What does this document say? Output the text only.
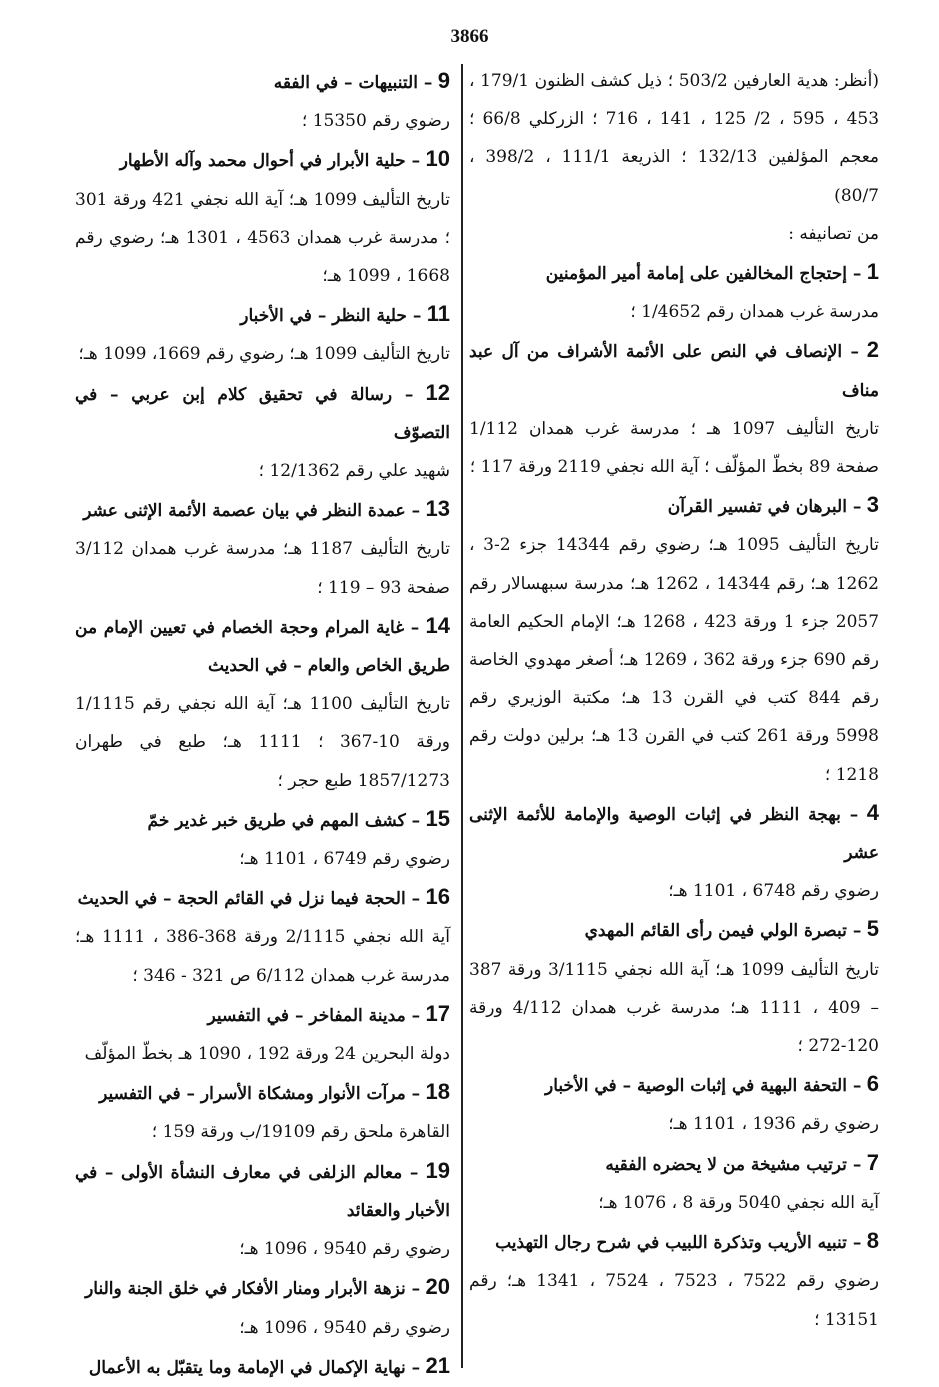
3866

(أنظر: هدية العارفين 503/2 ؛ ذيل كشف الظنون 179/1 ، 453 ، 595 ، 2/ 125 ، 141 ، 716 ؛ الزركلي 66/8 ؛ معجم المؤلفين 132/13 ؛ الذريعة 111/1 ، 398/2 ، 80/7)

من تصانيفه :

1 – إحتجاج المخالفين على إمامة أمير المؤمنين

مدرسة غرب همدان رقم 1/4652 ؛

2 – الإنصاف في النص على الأئمة الأشراف من آل عبد مناف

تاريخ التأليف 1097 هـ ؛ مدرسة غرب همدان 1/112 صفحة 89 بخطّ المؤلّف ؛ آية الله نجفي 2119 ورقة 117 ؛

3 – البرهان في تفسير القرآن

تاريخ التأليف 1095 هـ؛ رضوي رقم 14344 جزء 2-3 ، 1262 هـ؛ رقم 14344 ، 1262 هـ؛ مدرسة سبهسالار رقم 2057 جزء 1 ورقة 423 ، 1268 هـ؛ الإمام الحكيم العامة رقم 690 جزء ورقة 362 ، 1269 هـ؛ أصغر مهدوي الخاصة رقم 844 كتب في القرن 13 هـ؛ مكتبة الوزيري رقم 5998 ورقة 261 كتب في القرن 13 هـ؛ برلين دولت رقم 1218 ؛

4 – بهجة النظر في إثبات الوصية والإمامة للأئمة الإثنى عشر

رضوي رقم 6748 ، 1101 هـ؛

5 – تبصرة الولي فيمن رأى القائم المهدي

تاريخ التأليف 1099 هـ؛ آية الله نجفي 3/1115 ورقة 387 – 409 ، 1111 هـ؛ مدرسة غرب همدان 4/112 ورقة 120-272 ؛

6 – التحفة البهية في إثبات الوصية – في الأخبار

رضوي رقم 1936 ، 1101 هـ؛

7 – ترتيب مشيخة من لا يحضره الفقيه

آية الله نجفي 5040 ورقة 8 ، 1076 هـ؛

8 – تنبيه الأريب وتذكرة اللبيب في شرح رجال التهذيب

رضوي رقم 7522 ، 7523 ، 7524 ، 1341 هـ؛ رقم 13151 ؛

9 – التنبيهات – في الفقه

رضوي رقم 15350 ؛

10 – حلية الأبرار في أحوال محمد وآله الأطهار

تاريخ التأليف 1099 هـ؛ آية الله نجفي 421 ورقة 301 ؛ مدرسة غرب همدان 4563 ، 1301 هـ؛ رضوي رقم 1668 ، 1099 هـ؛

11 – حلية النظر – في الأخبار

تاريخ التأليف 1099 هـ؛ رضوي رقم 1669، 1099 هـ؛

12 – رسالة في تحقيق كلام إبن عربي – في التصوّف

شهيد علي رقم 12/1362 ؛

13 – عمدة النظر في بيان عصمة الأئمة الإثنى عشر

تاريخ التأليف 1187 هـ؛ مدرسة غرب همدان 3/112 صفحة 93 – 119 ؛

14 – غاية المرام وحجة الخصام في تعيين الإمام من طريق الخاص والعام – في الحديث

تاريخ التأليف 1100 هـ؛ آية الله نجفي رقم 1/1115 ورقة 10-367 ؛ 1111 هـ؛ طبع في طهران 1857/1273 طبع حجر ؛

15 – كشف المهم في طريق خبر غدير خمّ

رضوي رقم 6749 ، 1101 هـ؛

16 – الحجة فيما نزل في القائم الحجة – في الحديث

آية الله نجفي 2/1115 ورقة 368-386 ، 1111 هـ؛ مدرسة غرب همدان 6/112 ص 321 - 346 ؛

17 – مدينة المفاخر – في التفسير

دولة البحرين 24 ورقة 192 ، 1090 هـ بخطّ المؤلّف

18 – مرآت الأنوار ومشكاة الأسرار – في التفسير

القاهرة ملحق رقم 19109/ب ورقة 159 ؛

19 – معالم الزلفى في معارف النشأة الأولى – في الأخبار والعقائد

رضوي رقم 9540 ، 1096 هـ؛

20 – نزهة الأبرار ومنار الأفكار في خلق الجنة والنار

رضوي رقم 9540 ، 1096 هـ؛

21 – نهاية الإكمال في الإمامة وما يتقبّل به الأعمال
